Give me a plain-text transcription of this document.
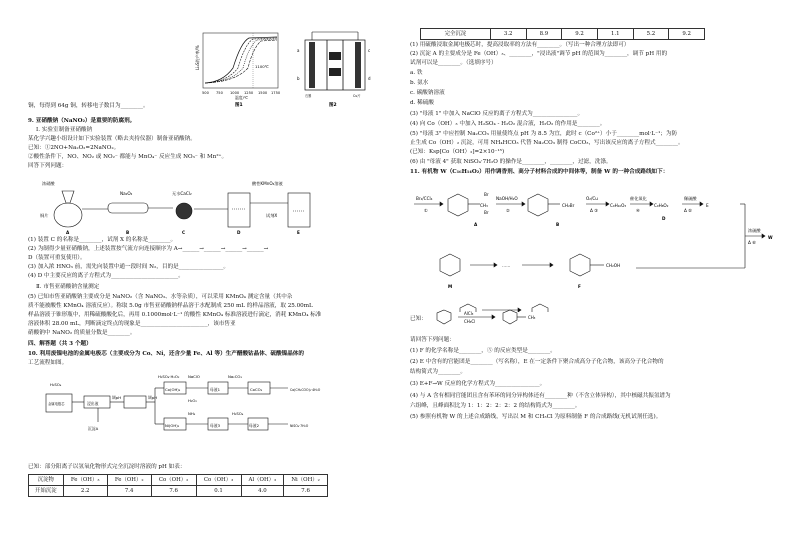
Li₂S的产率/%	1100℃
500 750 1000 1250 1500 1750
温度/℃
图1
a
b
c
d
石墨	Cu片
图2
铜，每得到 64g 铜，转移电子数目为________。
9. 亚硝酸钠（NaNO₂）是重要的防腐剂。
Ⅰ. 实验室制备亚硝酸钠
某化学兴趣小组设计如下实验装置（略去夹持仪器）制备亚硝酸钠。
已知：①2NO+Na₂O₂=2NaNO₂。
②酸性条件下，NO、NO₂ 或 NO₂⁻ 都能与 MnO₄⁻ 反应生成 NO₃⁻ 和 Mn²⁺。
回答下列问题：
浓硝酸
铜片
Na₂O₂	无水CaCl₂
酸性KMnO₄溶液
试剂X
A	B	C	D	E
(1) 装置 C 的名称是________，试剂 X 的名称是________。
(2) 为制得少量亚硝酸钠，上述装置按气流方向连接顺序为 A→______→______→______→______→
D（装置可重复使用）。
(3) 加入浓 HNO₃ 前，需先向装置中通一段时间 N₂，目的是________________。
(4) D 中主要反应的离子方程式为________________________。
Ⅱ. 市售亚硝酸钠含量测定
(5) 已知市售亚硝酸钠主要成分是 NaNO₂（含 NaNO₃、水等杂质），可以采用 KMnO₄ 测定含量（其中杂
质不能被酸性 KMnO₄ 溶液反应）。称取 5.0g 市售亚硝酸钠样品溶于水配制成 250 mL 的样品溶液，取 25.00mL
样品溶液于锥形瓶中，用稀硫酸酸化后，再用 0.1000mol·L⁻¹ 的酸性 KMnO₄ 标准溶液进行滴定，消耗 KMnO₄ 标准
溶液体积 28.00 mL，判断滴定终点的现象是________________________，该市售亚
硝酸钠中 NaNO₂ 的质量分数是________。
四、解答题（共 3 个题）
10. 利用废镍电池的金属电极芯（主要成分为 Co、Ni，还含少量 Fe、Al 等）生产醋酸钴晶体、硫酸镍晶体的
工艺流程如图。
H₂SO₄
金属电极芯	浸出液
调pH
沉淀A
调pH
H₂SO₄·H₂O₂
Co(OH)₃	母液1
Na₂CO₃
CoCO₃	Co(CH₃COO)₂·4H₂O
NH₃
Ni(OH)₂	母液3
H₂SO₄
NiSO₄·7H₂O
母液2
H₂O₂
NaClO
已知：部分阳离子以氢氧化物形式完全沉淀时溶液的 pH 如表：
沉淀物	Fe（OH）₃	Fe（OH）₂	Co（OH）₂	Co（OH）₃	Al（OH）₃	Ni（OH）₂
开始沉淀	2.2	7.4	7.6	0.1	4.0	7.6
完全沉淀	3.2	8.9	9.2	1.1	5.2	9.2
(1) 用硫酸浸取金属电极芯时，提高浸取率的方法有________。（写出一种合理方法即可）
(2) 沉淀 A 的主要成分是 Fe（OH）₃、________，"浸出液"调节 pH 的范围为________，调节 pH 用的
试剂可以是________。（选填序号）
a. 铁
b. 氨水
c. 碳酸钠溶液
d. 稀硫酸
(3) "母液 1" 中加入 NaClO 反应的离子方程式为________________。
(4) 向 Co（OH）₃ 中加入 H₂SO₄ - H₂O₂ 混合液，H₂O₂ 的作用是________。
(5) "母液 3" 中应控制 Na₂CO₃ 用量使终点 pH 为 8.5 为宜，此时 c（Co²⁺）小于________mol·L⁻¹；为防
止生成 Co（OH）₂ 沉淀，可用 NH₄HCO₃ 代替 Na₂CO₃ 制得 CoCO₃，写出该反应的离子方程式________。
(已知：Ksp[Co（OH）₂]=2×10⁻¹⁵)
(6) 由 "母液 4" 获取 NiSO₄·7H₂O 的操作是________，________，过滤，洗涤。
11. 有机物 W（C₁₆H₁₄O₂）用作调香剂、高分子材料合成的中间体等，制备 W 的一种合成路线如下：
Br₂/CCl₄
①
NaOH/H₂O
②
O₂/Cu
Δ ③
催化氧化
④
稀硫酸
Δ ⑤
浓硫酸
Δ ⑥
A	B
C₉H₁₀O₃	C₉H₈O₂
D
E
W
M	F
CH₂OH
Br
Br
CH₂Br
CH₃
……
已知：
AlCl₃
CH₃Cl
CH₃
请回答下列问题：
(1) F 的化学名称是________，⑤ 的反应类型是________。
(2) E 中含有的官能团是________（写名称），E 在一定条件下聚合成高分子化合物，该高分子化合物的
结构简式为________。
(3) E+F→W 反应的化学方程式为________________。
(4) 与 A 含有相同官能团且含有苯环的同分异构体还有________种（不含立体异构），其中核磁共振氢谱为
六组峰，且峰面积比为 1：1：2：2：2：2 的结构简式为________。
(5) 参照有机物 W 的上述合成路线，写出以 M 和 CH₃Cl 为原料制备 F 的合成路线(无机试剂任选)。
